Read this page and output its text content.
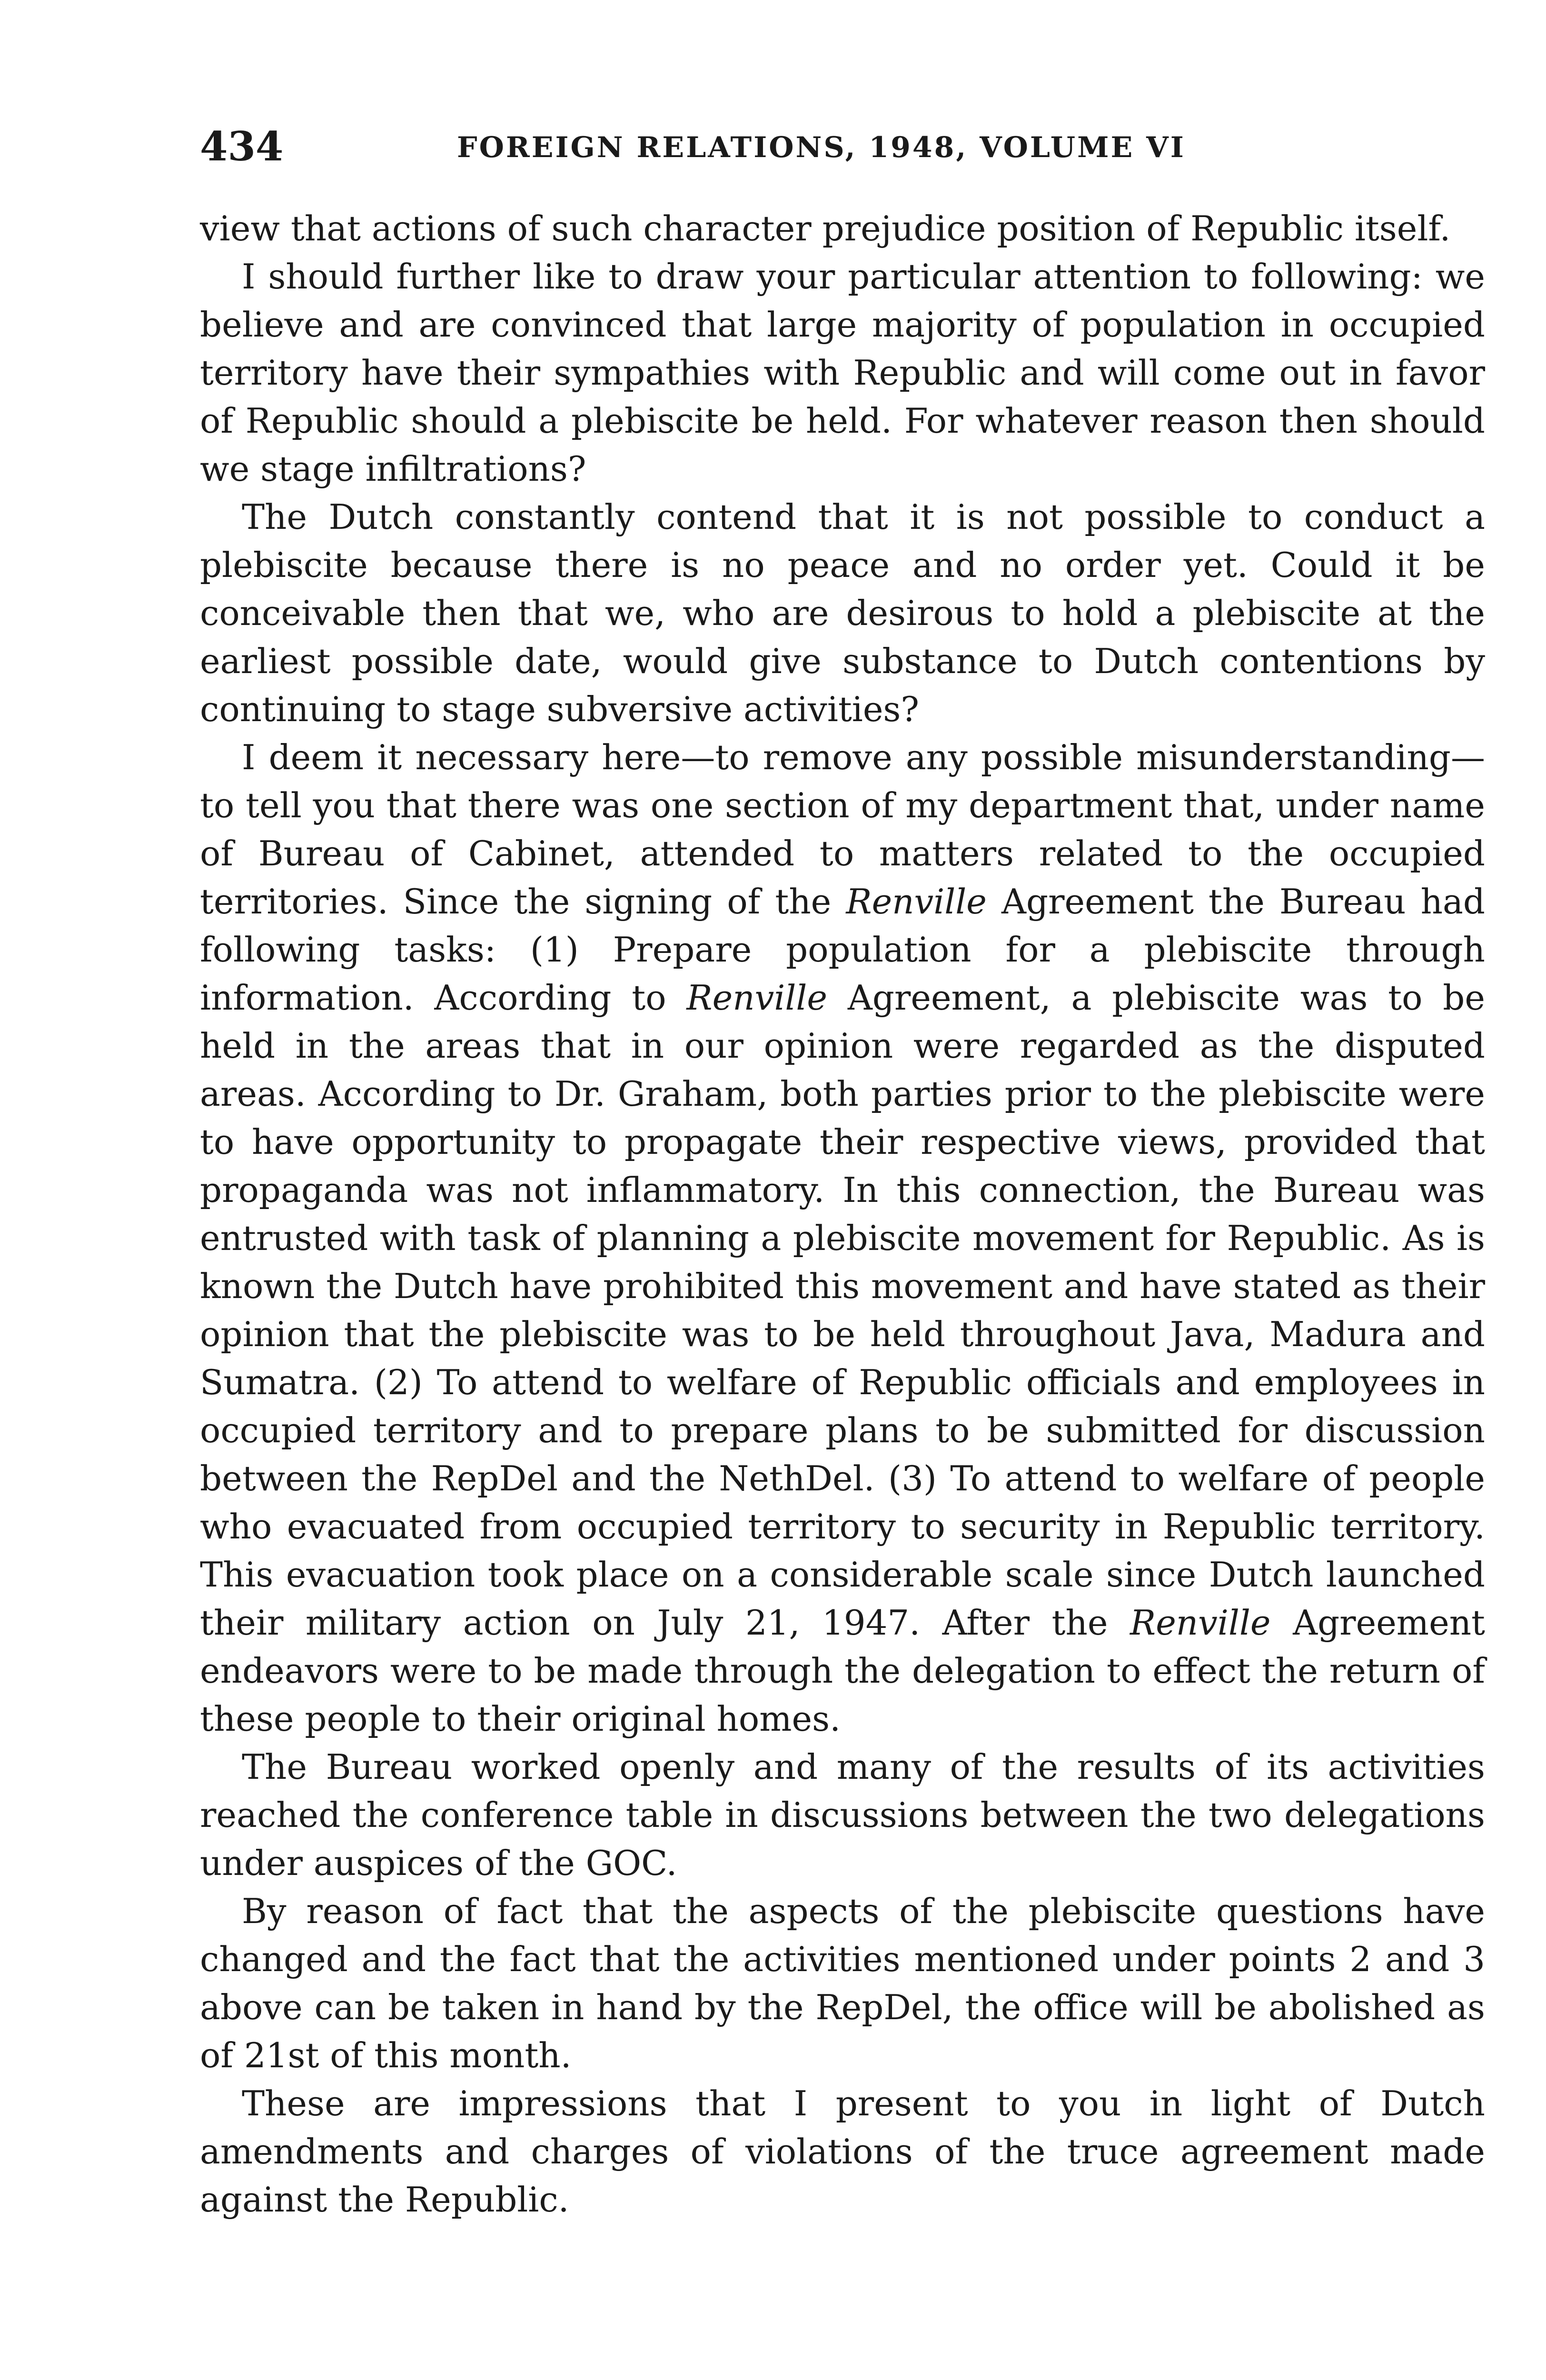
434	FOREIGN RELATIONS, 1948, VOLUME VI

view that actions of such character prejudice position of Republic itself.

I should further like to draw your particular attention to following: we believe and are convinced that large majority of population in occupied territory have their sympathies with Republic and will come out in favor of Republic should a plebiscite be held. For whatever reason then should we stage infiltrations?

The Dutch constantly contend that it is not possible to conduct a plebiscite because there is no peace and no order yet. Could it be conceivable then that we, who are desirous to hold a plebiscite at the earliest possible date, would give substance to Dutch contentions by continuing to stage subversive activities?

I deem it necessary here—to remove any possible misunderstanding—to tell you that there was one section of my department that, under name of Bureau of Cabinet, attended to matters related to the occupied territories. Since the signing of the Renville Agreement the Bureau had following tasks: (1) Prepare population for a plebiscite through information. According to Renville Agreement, a plebiscite was to be held in the areas that in our opinion were regarded as the disputed areas. According to Dr. Graham, both parties prior to the plebiscite were to have opportunity to propagate their respective views, provided that propaganda was not inflammatory. In this connection, the Bureau was entrusted with task of planning a plebiscite movement for Republic. As is known the Dutch have prohibited this movement and have stated as their opinion that the plebiscite was to be held throughout Java, Madura and Sumatra. (2) To attend to welfare of Republic officials and employees in occupied territory and to prepare plans to be submitted for discussion between the RepDel and the NethDel. (3) To attend to welfare of people who evacuated from occupied territory to security in Republic territory. This evacuation took place on a considerable scale since Dutch launched their military action on July 21, 1947. After the Renville Agreement endeavors were to be made through the delegation to effect the return of these people to their original homes.

The Bureau worked openly and many of the results of its activities reached the conference table in discussions between the two delegations under auspices of the GOC.

By reason of fact that the aspects of the plebiscite questions have changed and the fact that the activities mentioned under points 2 and 3 above can be taken in hand by the RepDel, the office will be abolished as of 21st of this month.

These are impressions that I present to you in light of Dutch amendments and charges of violations of the truce agreement made against the Republic.
